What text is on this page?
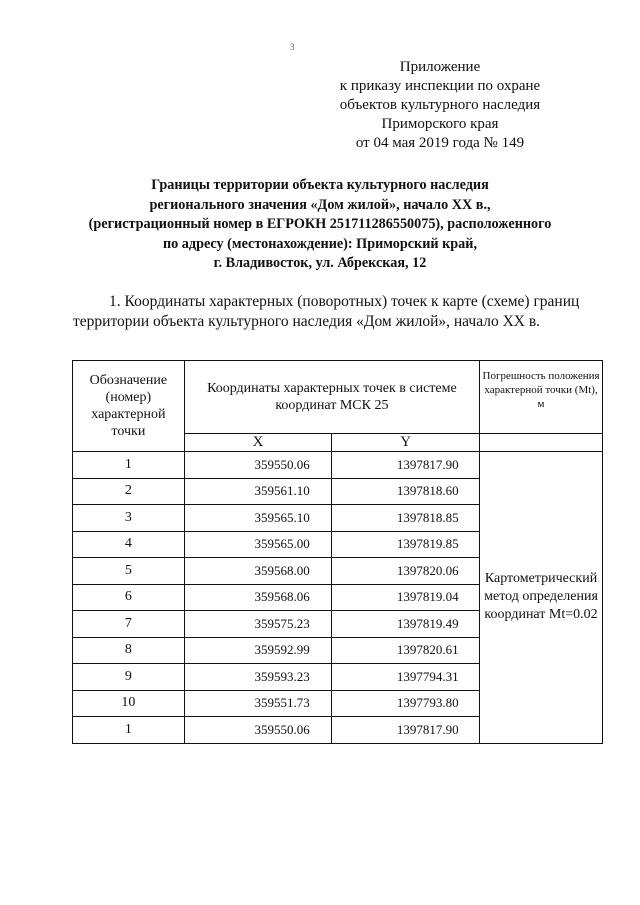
3
Приложение
к приказу инспекции по охране
объектов культурного наследия
Приморского края
от 04 мая 2019 года № 149
Границы территории объекта культурного наследия
регионального значения «Дом жилой», начало XX в.,
(регистрационный номер в ЕГРОКН 251711286550075), расположенного
по адресу (местонахождение): Приморский край,
г. Владивосток, ул. Абрекская, 12
1. Координаты характерных (поворотных) точек к карте (схеме) границ
территории объекта культурного наследия «Дом жилой», начало XX в.
Обозначение (номер) характерной точки	Координаты характерных точек в системе координат МСК 25		Погрешность положения характерной точки (Mt), м
	X	Y	
1	359550.06	1397817.90	Картометрический метод определения координат Mt=0.02
2	359561.10	1397818.60	
3	359565.10	1397818.85	
4	359565.00	1397819.85	
5	359568.00	1397820.06	
6	359568.06	1397819.04	
7	359575.23	1397819.49	
8	359592.99	1397820.61	
9	359593.23	1397794.31	
10	359551.73	1397793.80	
1	359550.06	1397817.90	
